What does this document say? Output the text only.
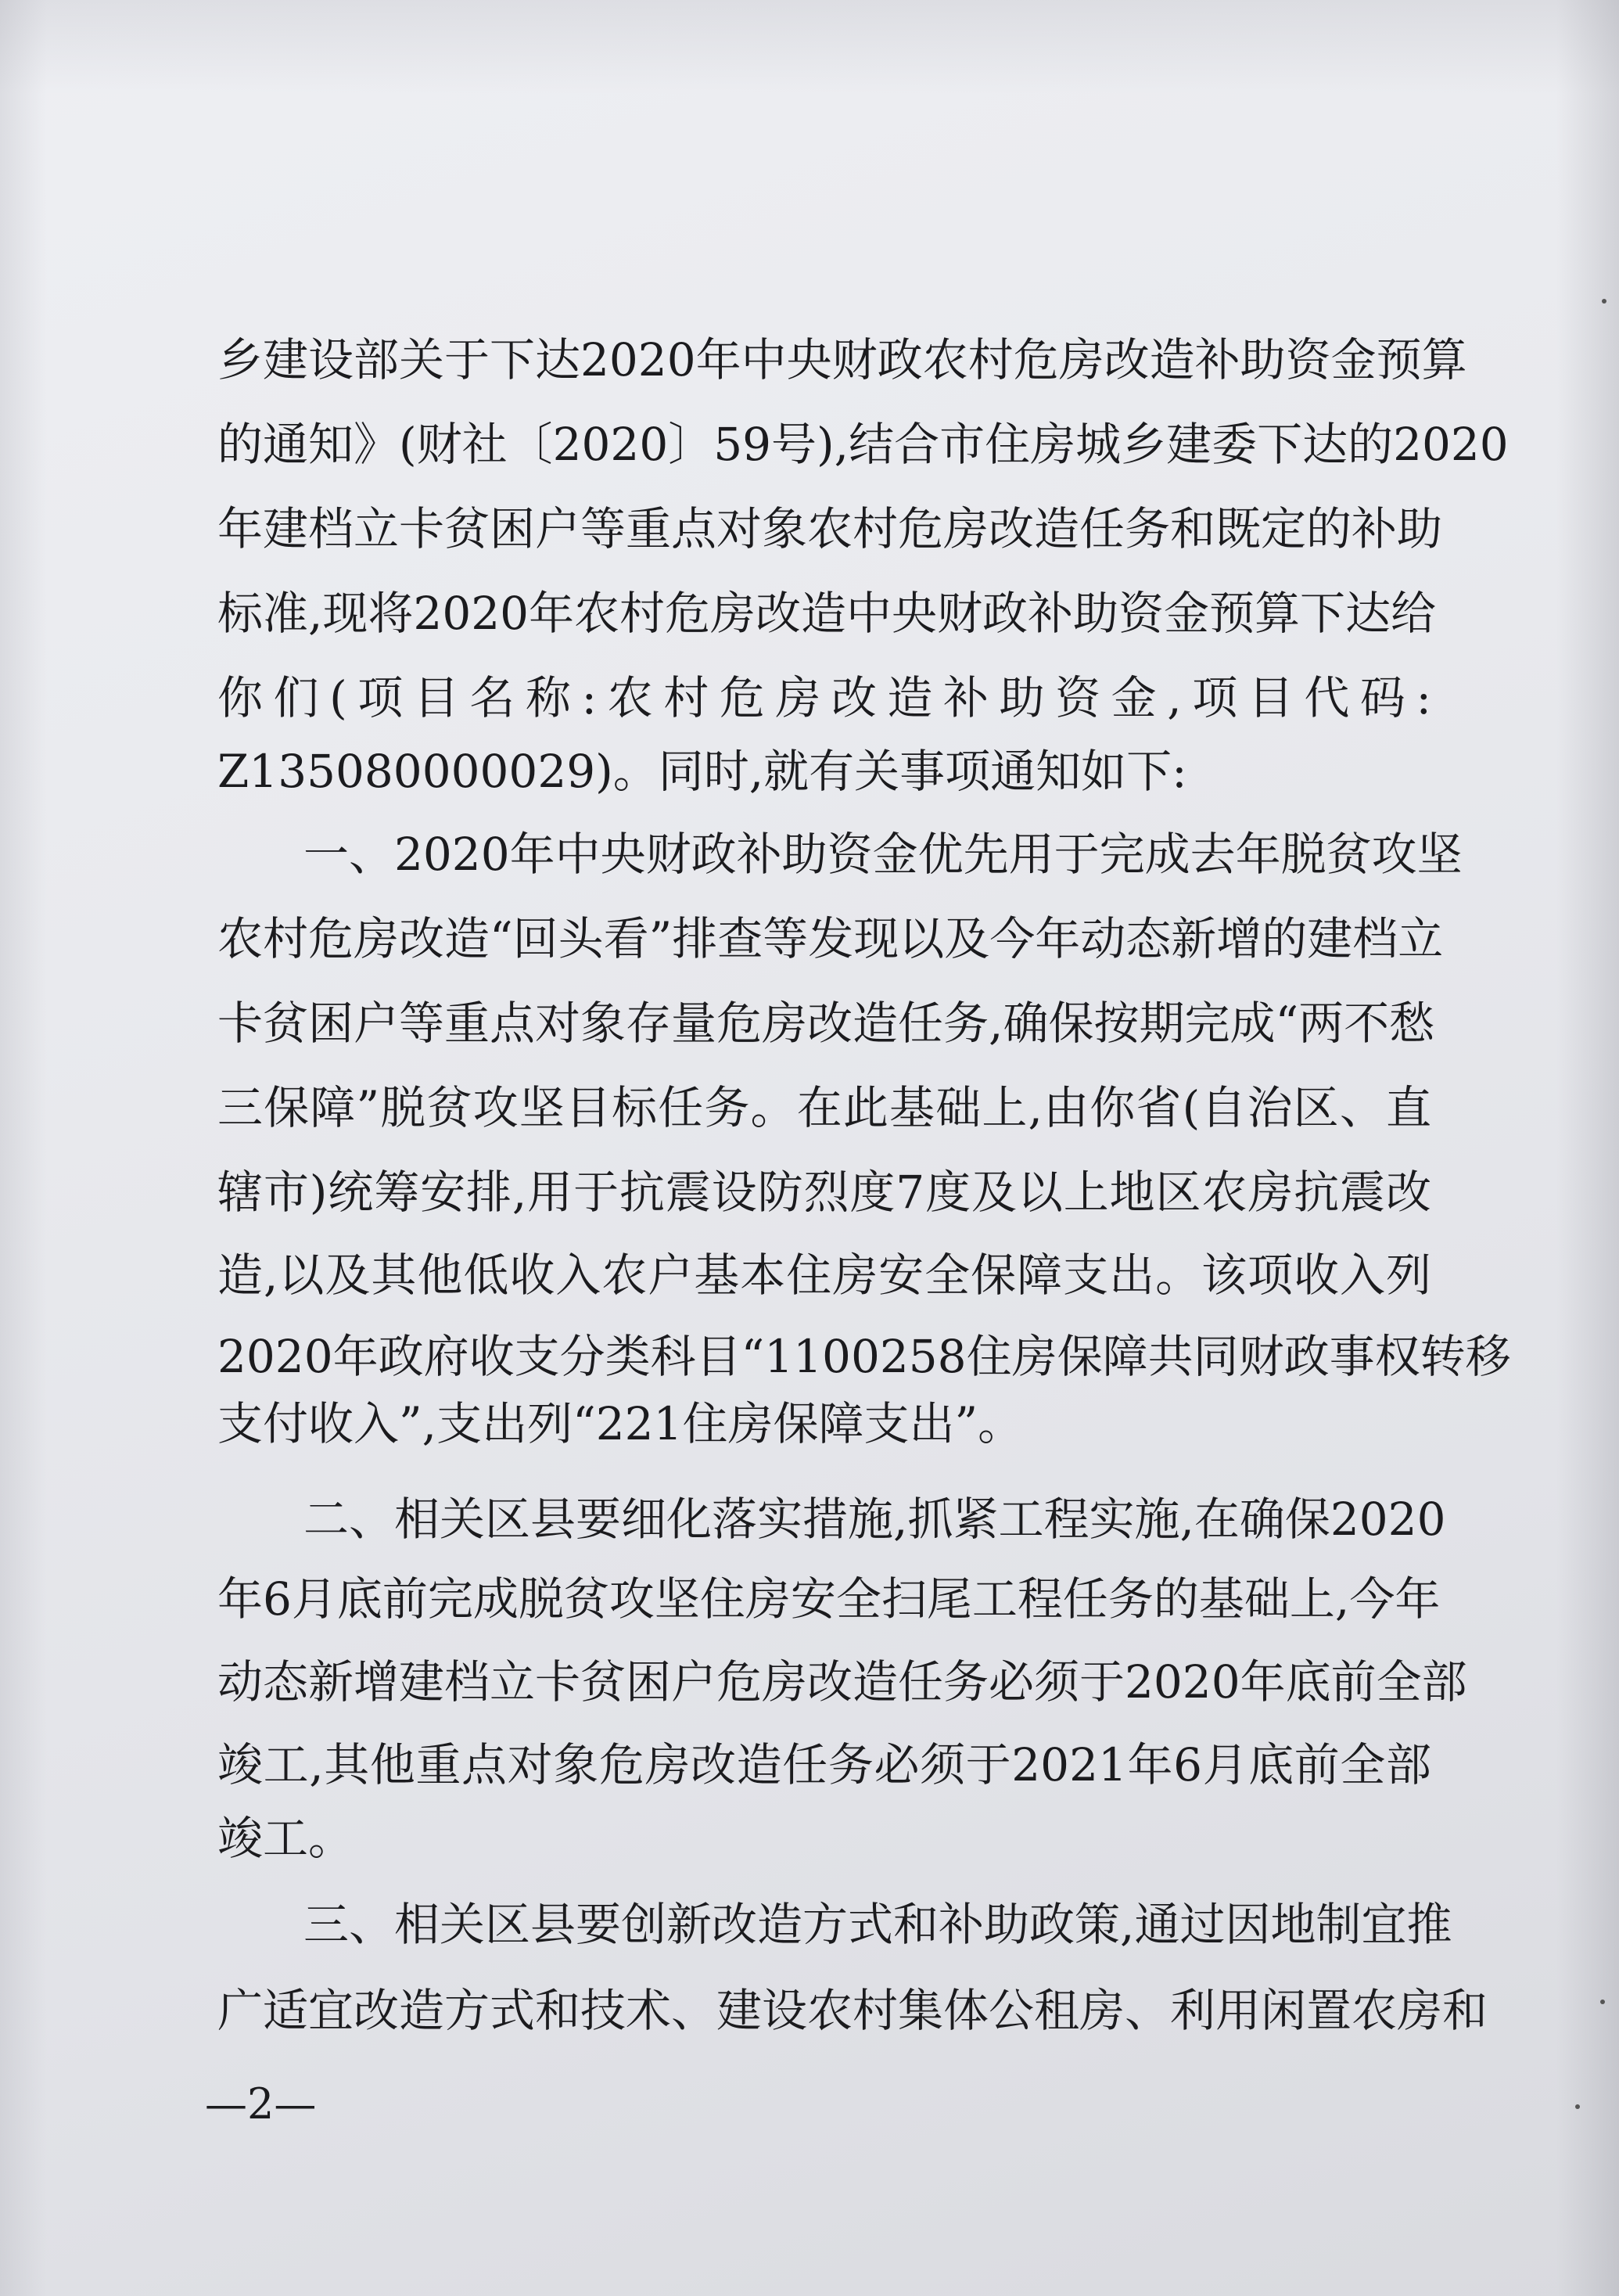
乡建设部关于下达2020年中央财政农村危房改造补助资金预算

的通知》(财社〔2020〕59号),结合市住房城乡建委下达的2020

年建档立卡贫困户等重点对象农村危房改造任务和既定的补助

标准,现将2020年农村危房改造中央财政补助资金预算下达给

你们(项目名称:农村危房改造补助资金,项目代码:

Z135080000029)。同时,就有关事项通知如下:

一、2020年中央财政补助资金优先用于完成去年脱贫攻坚

农村危房改造“回头看”排查等发现以及今年动态新增的建档立

卡贫困户等重点对象存量危房改造任务,确保按期完成“两不愁

三保障”脱贫攻坚目标任务。在此基础上,由你省(自治区、直

辖市)统筹安排,用于抗震设防烈度7度及以上地区农房抗震改

造,以及其他低收入农户基本住房安全保障支出。该项收入列

2020年政府收支分类科目“1100258住房保障共同财政事权转移

支付收入”,支出列“221住房保障支出”。

二、相关区县要细化落实措施,抓紧工程实施,在确保2020

年6月底前完成脱贫攻坚住房安全扫尾工程任务的基础上,今年

动态新增建档立卡贫困户危房改造任务必须于2020年底前全部

竣工,其他重点对象危房改造任务必须于2021年6月底前全部

竣工。

三、相关区县要创新改造方式和补助政策,通过因地制宜推

广适宜改造方式和技术、建设农村集体公租房、利用闲置农房和

—2—
